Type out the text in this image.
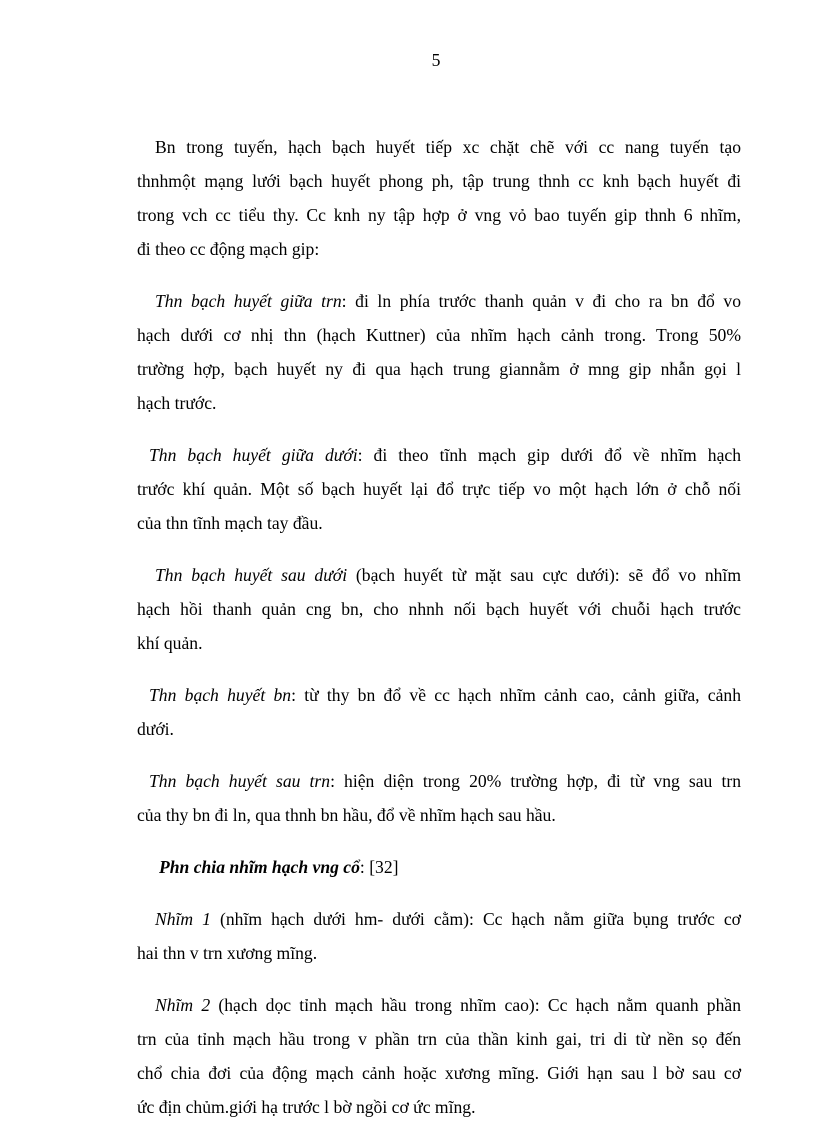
5
Bn trong tuyến, hạch bạch huyết tiếp xc chặt chẽ với cc nang tuyến tạo
thnhmột mạng lưới bạch huyết phong ph, tập trung thnh cc knh bạch huyết đi
trong vch cc tiểu thy. Cc knh ny tập hợp ở vng vỏ bao tuyến gip thnh 6 nhĩm,
đi theo cc động mạch gip:
Thn bạch huyết giữa trn: đi ln phía trước thanh quản v đi cho ra bn đổ vo
hạch dưới cơ nhị thn (hạch Kuttner) của nhĩm hạch cảnh trong. Trong 50%
trường hợp, bạch huyết ny đi qua hạch trung giannằm ở mng gip nhẫn gọi l
hạch trước.
Thn bạch huyết giữa dưới: đi theo tĩnh mạch gip dưới đổ về nhĩm hạch
trước khí quản. Một số bạch huyết lại đổ trực tiếp vo một hạch lớn ở chỗ nối
của thn tĩnh mạch tay đầu.
Thn bạch huyết sau dưới (bạch huyết từ mặt sau cực dưới): sẽ đổ vo nhĩm
hạch hồi thanh quản cng bn, cho nhnh nối bạch huyết với chuỗi hạch trước
khí quản.
Thn bạch huyết bn: từ thy bn đổ về cc hạch nhĩm cảnh cao, cảnh giữa, cảnh
dưới.
Thn bạch huyết sau trn: hiện diện trong 20% trường hợp, đi từ vng sau trn
của thy bn đi ln, qua thnh bn hầu, đổ về nhĩm hạch sau hầu.
Phn chia nhĩm hạch vng cổ: [32]
Nhĩm 1 (nhĩm hạch dưới hm- dưới cằm): Cc hạch nằm giữa bụng trước cơ
hai thn v trn xương mĩng.
Nhĩm 2 (hạch dọc tỉnh mạch hầu trong nhĩm cao): Cc hạch nằm quanh phần
trn của tỉnh mạch hầu trong v phần trn của thần kinh gai, tri di từ nền sọ đến
chổ chia đơi của động mạch cảnh hoặc xương mĩng. Giới hạn sau l bờ sau cơ
ức địn chủm.giới hạ trước l bờ ngồi cơ ức mĩng.
